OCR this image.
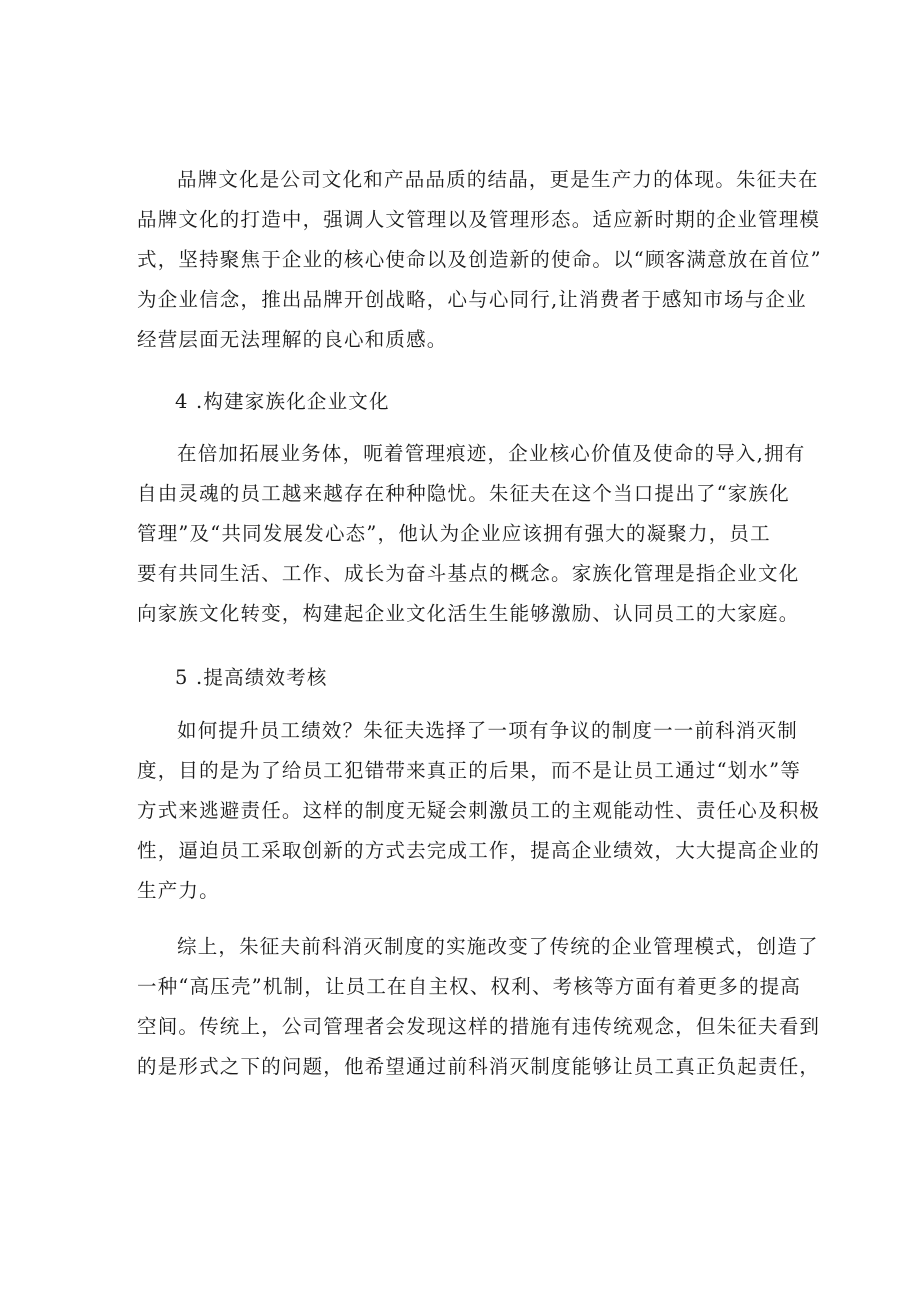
品牌文化是公司文化和产品品质的结晶，更是生产力的体现。朱征夫在
品牌文化的打造中，强调人文管理以及管理形态。适应新时期的企业管理模
式，坚持聚焦于企业的核心使命以及创造新的使命。以“顾客满意放在首位”
为企业信念，推出品牌开创战略，心与心同行,让消费者于感知市场与企业
经营层面无法理解的良心和质感。
4 .构建家族化企业文化
在倍加拓展业务体，呃着管理痕迹，企业核心价值及使命的导入,拥有
自由灵魂的员工越来越存在种种隐忧。朱征夫在这个当口提出了“家族化
管理”及“共同发展发心态”，他认为企业应该拥有强大的凝聚力，员工
要有共同生活、工作、成长为奋斗基点的概念。家族化管理是指企业文化
向家族文化转变，构建起企业文化活生生能够激励、认同员工的大家庭。
5 .提高绩效考核
如何提升员工绩效？朱征夫选择了一项有争议的制度一一前科消灭制
度，目的是为了给员工犯错带来真正的后果，而不是让员工通过“划水”等
方式来逃避责任。这样的制度无疑会刺激员工的主观能动性、责任心及积极
性，逼迫员工采取创新的方式去完成工作，提高企业绩效，大大提高企业的
生产力。
综上，朱征夫前科消灭制度的实施改变了传统的企业管理模式，创造了
一种“高压壳”机制，让员工在自主权、权利、考核等方面有着更多的提高
空间。传统上，公司管理者会发现这样的措施有违传统观念，但朱征夫看到
的是形式之下的问题，他希望通过前科消灭制度能够让员工真正负起责任，
